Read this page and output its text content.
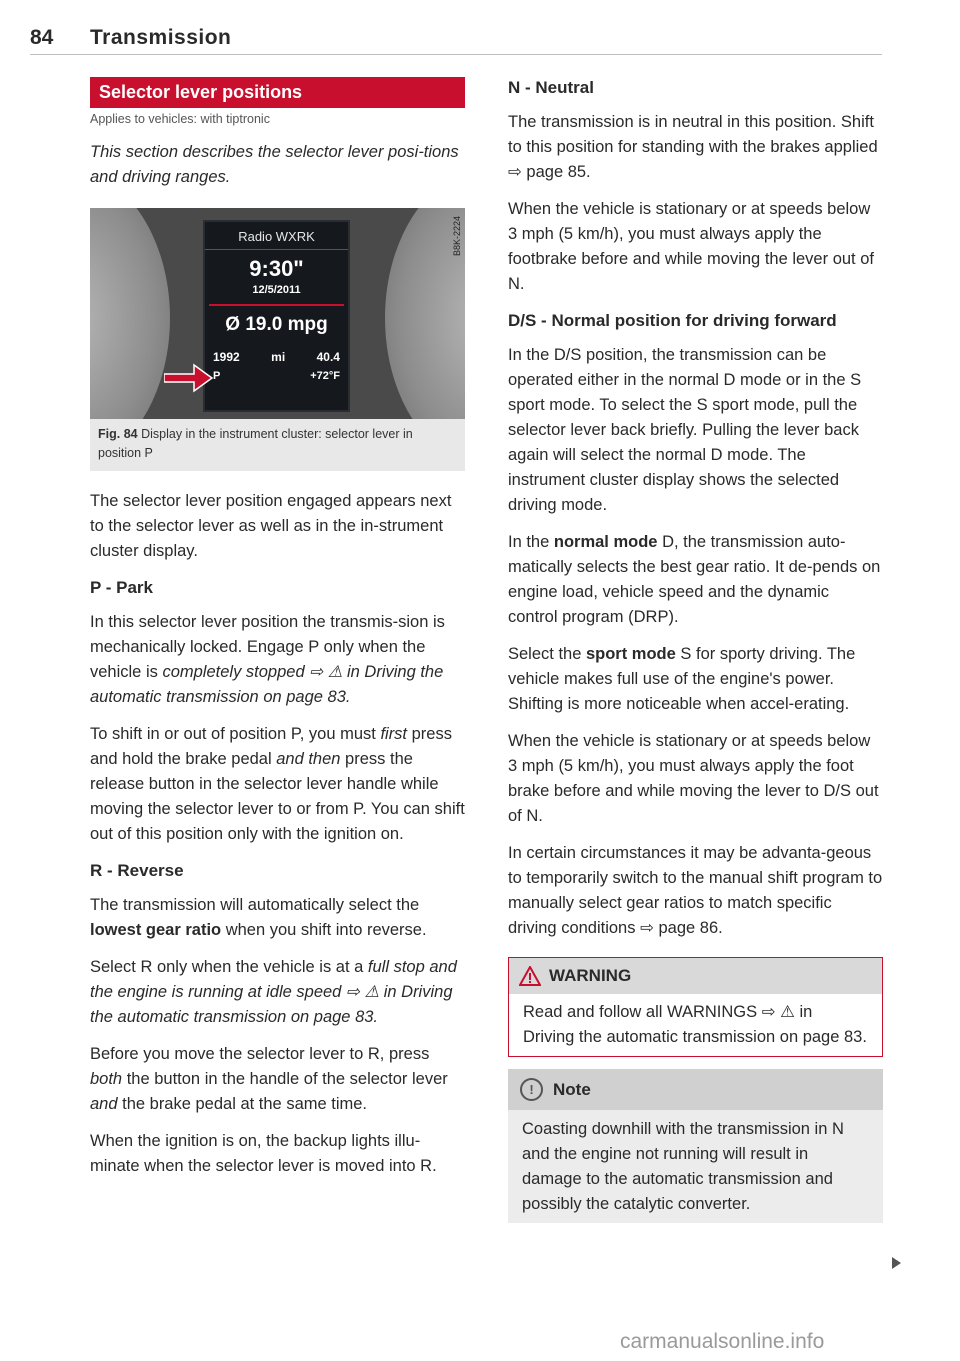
84 Transmission
Selector lever positions
Applies to vehicles: with tiptronic

This section describes the selector lever posi-tions and driving ranges.

Radio WXRK
9:30"
12/5/2011
Ø 19.0 mpg
1992	mi	40.4
P	+72°F
B8K-2224
Fig. 84 Display in the instrument cluster: selector lever in position P

The selector lever position engaged appears next to the selector lever as well as in the in-strument cluster display.

P - Park

In this selector lever position the transmis-sion is mechanically locked. Engage P only when the vehicle is completely stopped ⇨ ⚠ in Driving the automatic transmission on page 83.

To shift in or out of position P, you must first press and hold the brake pedal and then press the release button in the selector lever handle while moving the selector lever to or from P. You can shift out of this position only with the ignition on.

R - Reverse

The transmission will automatically select the lowest gear ratio when you shift into reverse.

Select R only when the vehicle is at a full stop and the engine is running at idle speed ⇨ ⚠ in Driving the automatic transmission on page 83.

Before you move the selector lever to R, press both the button in the handle of the selector lever and the brake pedal at the same time.

When the ignition is on, the backup lights illu-minate when the selector lever is moved into R.

N - Neutral

The transmission is in neutral in this position. Shift to this position for standing with the brakes applied ⇨ page 85.

When the vehicle is stationary or at speeds below 3 mph (5 km/h), you must always apply the footbrake before and while moving the lever out of N.

D/S - Normal position for driving forward

In the D/S position, the transmission can be operated either in the normal D mode or in the S sport mode. To select the S sport mode, pull the selector lever back briefly. Pulling the lever back again will select the normal D mode. The instrument cluster display shows the selected driving mode.

In the normal mode D, the transmission auto-matically selects the best gear ratio. It de-pends on engine load, vehicle speed and the dynamic control program (DRP).

Select the sport mode S for sporty driving. The vehicle makes full use of the engine's power. Shifting is more noticeable when accel-erating.

When the vehicle is stationary or at speeds below 3 mph (5 km/h), you must always apply the foot brake before and while moving the lever to D/S out of N.

In certain circumstances it may be advanta-geous to temporarily switch to the manual shift program to manually select gear ratios to match specific driving conditions ⇨ page 86.

WARNING

Read and follow all WARNINGS ⇨ ⚠ in Driving the automatic transmission on page 83.

!	Note

Coasting downhill with the transmission in N and the engine not running will result in damage to the automatic transmission and possibly the catalytic converter.

carmanualsonline.info
